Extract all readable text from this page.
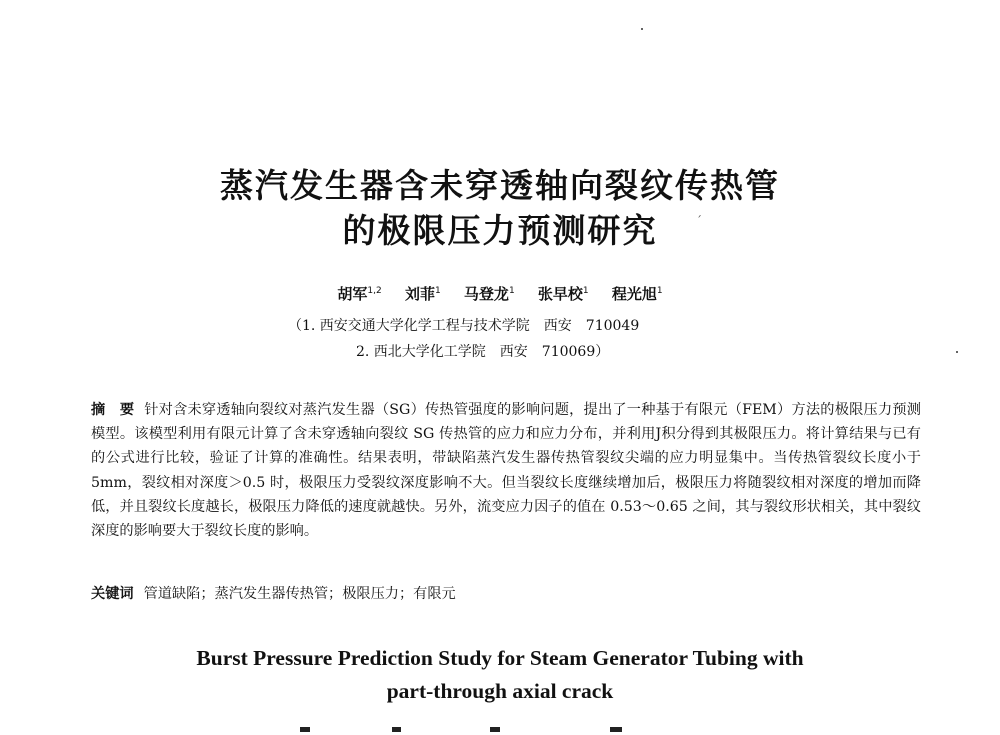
蒸汽发生器含未穿透轴向裂纹传热管
的极限压力预测研究	ˊ
胡军$^{1,2}$ 刘菲$^1$ 马登龙$^1$ 张早校$^1$ 程光旭$^1$
（1. 西安交通大学化学工程与技术学院　西安　710049
2. 西北大学化工学院　西安　710069）
摘　要 针对含未穿透轴向裂纹对蒸汽发生器（SG）传热管强度的影响问题，提出了一种基于有限元（FEM）方法的极限压力预测模型。该模型利用有限元计算了含未穿透轴向裂纹 SG 传热管的应力和应力分布，并利用J积分得到其极限压力。将计算结果与已有的公式进行比较，验证了计算的准确性。结果表明，带缺陷蒸汽发生器传热管裂纹尖端的应力明显集中。当传热管裂纹长度小于 5mm，裂纹相对深度＞0.5 时，极限压力受裂纹深度影响不大。但当裂纹长度继续增加后，极限压力将随裂纹相对深度的增加而降低，并且裂纹长度越长，极限压力降低的速度就越快。另外，流变应力因子的值在 0.53～0.65 之间，其与裂纹形状相关，其中裂纹深度的影响要大于裂纹长度的影响。
关键词 管道缺陷；蒸汽发生器传热管；极限压力；有限元
Burst Pressure Prediction Study for Steam Generator Tubing with
part-through axial crack
